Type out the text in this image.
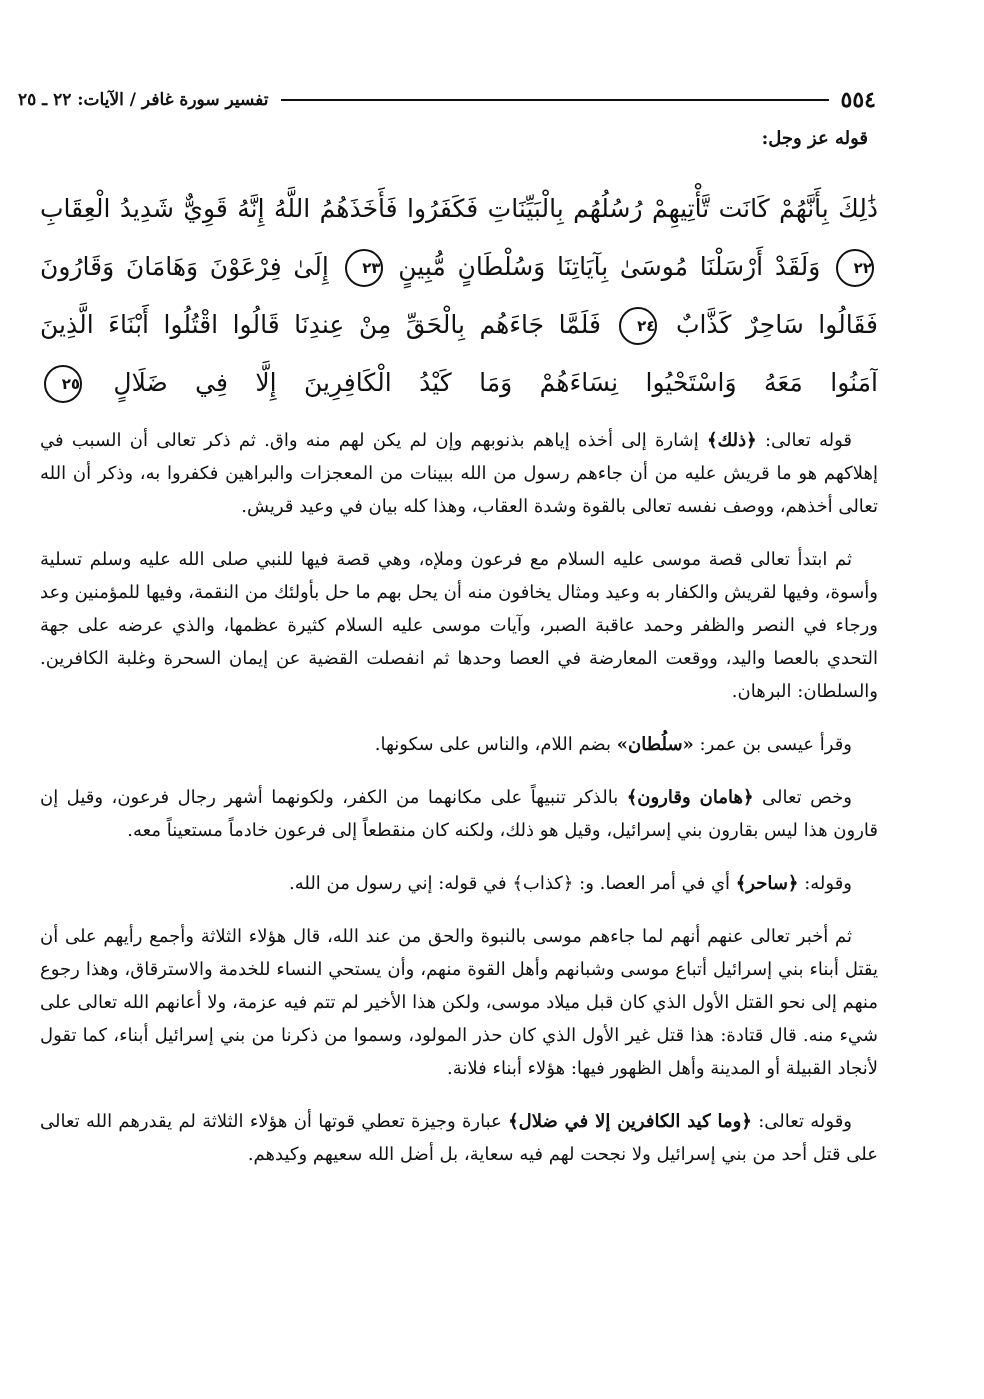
٥٥٤
تفسير سورة غافر / الآيات: ٢٢ ـ ٢٥
قوله عز وجل:
ذَٰلِكَ بِأَنَّهُمْ كَانَت تَّأْتِيهِمْ رُسُلُهُم بِالْبَيِّنَاتِ فَكَفَرُوا فَأَخَذَهُمُ اللَّهُ إِنَّهُ قَوِيٌّ شَدِيدُ الْعِقَابِ
٢٢ وَلَقَدْ أَرْسَلْنَا مُوسَىٰ بِآيَاتِنَا وَسُلْطَانٍ مُّبِينٍ ٢٣ إِلَىٰ فِرْعَوْنَ وَهَامَانَ وَقَارُونَ
فَقَالُوا سَاحِرٌ كَذَّابٌ ٢٤ فَلَمَّا جَاءَهُم بِالْحَقِّ مِنْ عِندِنَا قَالُوا اقْتُلُوا أَبْنَاءَ الَّذِينَ
آمَنُوا مَعَهُ وَاسْتَحْيُوا نِسَاءَهُمْ وَمَا كَيْدُ الْكَافِرِينَ إِلَّا فِي ضَلَالٍ ٢٥

قوله تعالى: ﴿ذلك﴾ إشارة إلى أخذه إياهم بذنوبهم وإن لم يكن لهم منه واق. ثم ذكر تعالى أن السبب في إهلاكهم هو ما قريش عليه من أن جاءهم رسول من الله ببينات من المعجزات والبراهين فكفروا به، وذكر أن الله تعالى أخذهم، ووصف نفسه تعالى بالقوة وشدة العقاب، وهذا كله بيان في وعيد قريش.

ثم ابتدأ تعالى قصة موسى عليه السلام مع فرعون وملإه، وهي قصة فيها للنبي صلى الله عليه وسلم تسلية وأسوة، وفيها لقريش والكفار به وعيد ومثال يخافون منه أن يحل بهم ما حل بأولئك من النقمة، وفيها للمؤمنين وعد ورجاء في النصر والظفر وحمد عاقبة الصبر، وآيات موسى عليه السلام كثيرة عظمها، والذي عرضه على جهة التحدي بالعصا واليد، ووقعت المعارضة في العصا وحدها ثم انفصلت القضية عن إيمان السحرة وغلبة الكافرين. والسلطان: البرهان.

وقرأ عيسى بن عمر: «سلُطان» بضم اللام، والناس على سكونها.

وخص تعالى ﴿هامان وقارون﴾ بالذكر تنبيهاً على مكانهما من الكفر، ولكونهما أشهر رجال فرعون، وقيل إن قارون هذا ليس بقارون بني إسرائيل، وقيل هو ذلك، ولكنه كان منقطعاً إلى فرعون خادماً مستعيناً معه.

وقوله: ﴿ساحر﴾ أي في أمر العصا. و: ﴿كذاب﴾ في قوله: إني رسول من الله.

ثم أخبر تعالى عنهم أنهم لما جاءهم موسى بالنبوة والحق من عند الله، قال هؤلاء الثلاثة وأجمع رأيهم على أن يقتل أبناء بني إسرائيل أتباع موسى وشبانهم وأهل القوة منهم، وأن يستحي النساء للخدمة والاسترقاق، وهذا رجوع منهم إلى نحو القتل الأول الذي كان قبل ميلاد موسى، ولكن هذا الأخير لم تتم فيه عزمة، ولا أعانهم الله تعالى على شيء منه. قال قتادة: هذا قتل غير الأول الذي كان حذر المولود، وسموا من ذكرنا من بني إسرائيل أبناء، كما تقول لأنجاد القبيلة أو المدينة وأهل الظهور فيها: هؤلاء أبناء فلانة.

وقوله تعالى: ﴿وما كيد الكافرين إلا في ضلال﴾ عبارة وجيزة تعطي قوتها أن هؤلاء الثلاثة لم يقدرهم الله تعالى على قتل أحد من بني إسرائيل ولا نجحت لهم فيه سعاية، بل أضل الله سعيهم وكيدهم.
